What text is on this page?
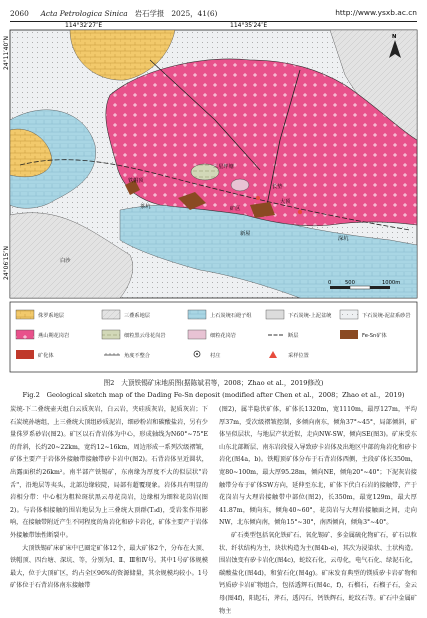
2060 Acta Petrologica Sinica 岩石学报 2025，41(6)	http://www.ysxb.ac.cn
铁帽顶
三星坪塘
茶坑	矿区
大顶
新屋
长垫
深坑
白沙
114°32′27″E	114°35′24″E
24°11′40″N
24°06′15″N
N
0	500	1000m
侏罗系地层	三叠系地层	上石炭统石磴子组	下石炭统-上泥盆统	下石炭统-泥盆系砂岩
燕山期花岗岩	细粒黑云母花岗岩	细粒花岗岩	断层	Fe-Sn矿体
矿化体	角度不整合	村庄	采样位置
图2　大顶铁锡矿床地质图(据陈斌君等，2008；Zhao et al.，2019修改)
Fig.2　Geological sketch map of the Dading Fe-Sn deposit (modified after Chen et al.，2008；Zhao et al.，2019)

炭统-下二叠统壶天组白云质灰岩，白云岩，夹硅质灰岩，泥质灰岩；下石炭统孙塘组，上三叠统大顶组砂质泥岩，细砂粉岩和碳酸盐岩，另有少量侏罗系砂岩(图2)。矿区以石背岩体为中心，形成轴线为N60°~75°E的背斜，长约20~22km，宽约12~16km，周边形成一系列次级褶皱，矿体主要产于岩体外接触带接触带矽卡岩中(图2)。石背岩体呈近圆状，出露面积约26km²。南半部产铁锡矿，东南缘为厚度不大的似层状"岩舌"，沿地层等夷头，北部边缘较陡，局部有超覆现象。岩体具有明显的岩相分带：中心相为粗粒斑状黑云母花岗岩，边缘相为细粒花岗岩(图2)。与岩体相接触的围岩地层为上三叠统大顶群(T₃d)，受岩浆作用影响，在接触带附近产生不同程度的角岩化和矽卡岩化，矿体主要产于岩体外接触带蚀性断裂中。

大顶铁锡矿床矿床中已圈定矿体12个，最大矿体2个，分布在大顶、铁帽顶、四台塘、深坑、等，分别为Ⅰ、Ⅱ、Ⅲ和Ⅳ号。其中1号矿体规模最大，位于大顶矿区，约占全区96%的资源储量，其余规模均较小。1号矿体位于石背岩体南东接触带

(图2)，属半隐伏矿体，矿体长1320m，宽1110m，最厚127m，平均厚37m，受次级褶皱控制，多倾向南东，倾角37°~45°，局部倾斜，矿体呈似层状，与地层产状近似，走向NW-SW，倾向SE(图3)。矿床受东山东北部断层、南东岩段侵入导致矽卡岩体及出地区中部的角岩化和矽卡岩化(图4a，b)。铁帽顶矿体分布于石背岩体西侧，主段矿体长350m，宽80~100m，最大厚95.28m，倾向NE，倾角20°~40°；下泥灰岩接触带分布于矿体SW方向，延伸至东北，矿体下伏白石岩的接触带，产于花岗岩与大理岩接触带中部位(图2)，长350m，最宽129m，最大厚41.87m，倾向东，倾角40~60°，花岗岩与大理岩接触面之间，走向NW，北东倾向南，倾角15°~30°，南西倾向，倾角3°~40°。

矿石类型包括氧化铁矿石、氧化锡矿、多金属硫化物矿石，矿石以粒状、纤状结构为主，块状构造为主(图4b-e)，其次为浸染状、土状构造。围岩蚀变有矽卡岩化(图4c)，蛇纹石化，云母化，电气石化、绿泥石化，碳酸盐化(图4d)，和萤石化(图4g)。矿床发育典型的镁质矽卡岩矿物和钙质矽卡岩矿物组合，包括透辉石(图4c，f)，石榴石，石榴子石，金云母(图4f)，阳起石，斧石，透闪石，钙铁辉石，蛇纹石等。矿石中金属矿物主
